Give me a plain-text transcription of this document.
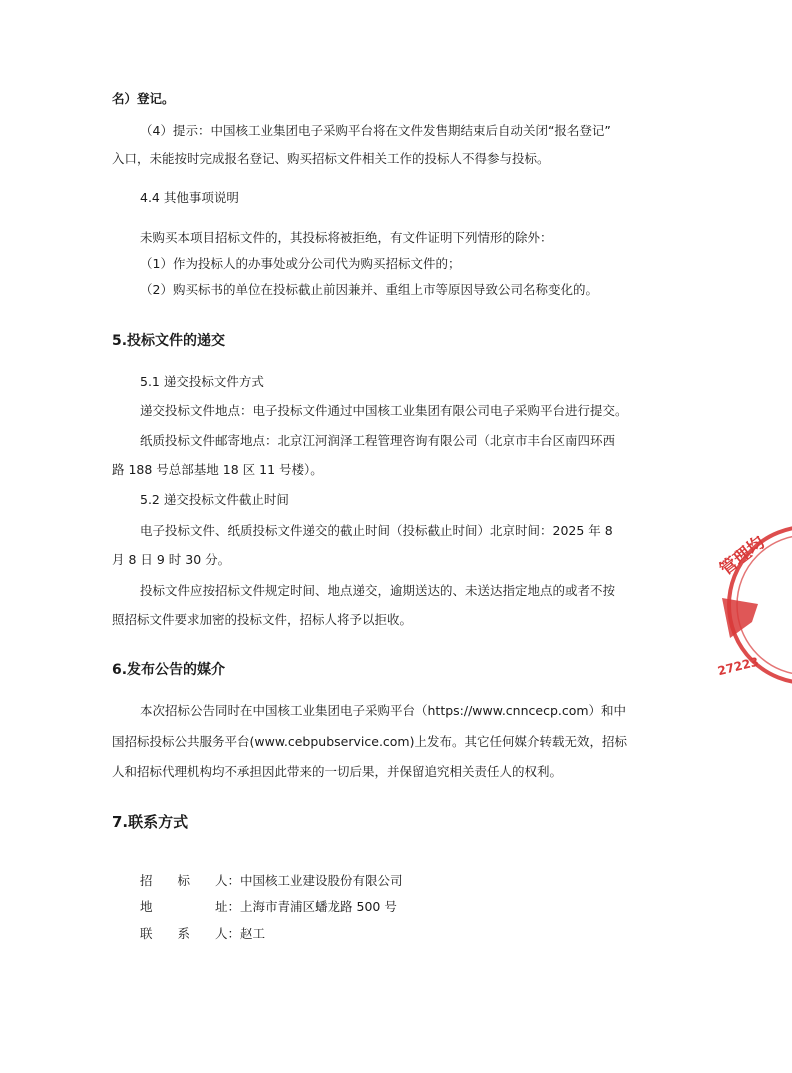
名）登记。
（4）提示：中国核工业集团电子采购平台将在文件发售期结束后自动关闭“报名登记”
入口，未能按时完成报名登记、购买招标文件相关工作的投标人不得参与投标。
4.4 其他事项说明
未购买本项目招标文件的，其投标将被拒绝，有文件证明下列情形的除外：
（1）作为投标人的办事处或分公司代为购买招标文件的；
（2）购买标书的单位在投标截止前因兼并、重组上市等原因导致公司名称变化的。
5.投标文件的递交
5.1 递交投标文件方式
递交投标文件地点：电子投标文件通过中国核工业集团有限公司电子采购平台进行提交。
纸质投标文件邮寄地点：北京江河润泽工程管理咨询有限公司（北京市丰台区南四环西
路 188 号总部基地 18 区 11 号楼）。
5.2 递交投标文件截止时间
电子投标文件、纸质投标文件递交的截止时间（投标截止时间）北京时间：2025 年 8
月 8 日 9 时 30 分。
投标文件应按招标文件规定时间、地点递交，逾期送达的、未送达指定地点的或者不按
照招标文件要求加密的投标文件，招标人将予以拒收。
6.发布公告的媒介
本次招标公告同时在中国核工业集团电子采购平台（https://www.cnncecp.com）和中
国招标投标公共服务平台(www.cebpubservice.com)上发布。其它任何媒介转载无效，招标
人和招标代理机构均不承担因此带来的一切后果，并保留追究相关责任人的权利。
7.联系方式
招　　标　　人：中国核工业建设股份有限公司
地　　　　　址：上海市青浦区蟠龙路 500 号
联　　系　　人：赵工
管理均
27223
